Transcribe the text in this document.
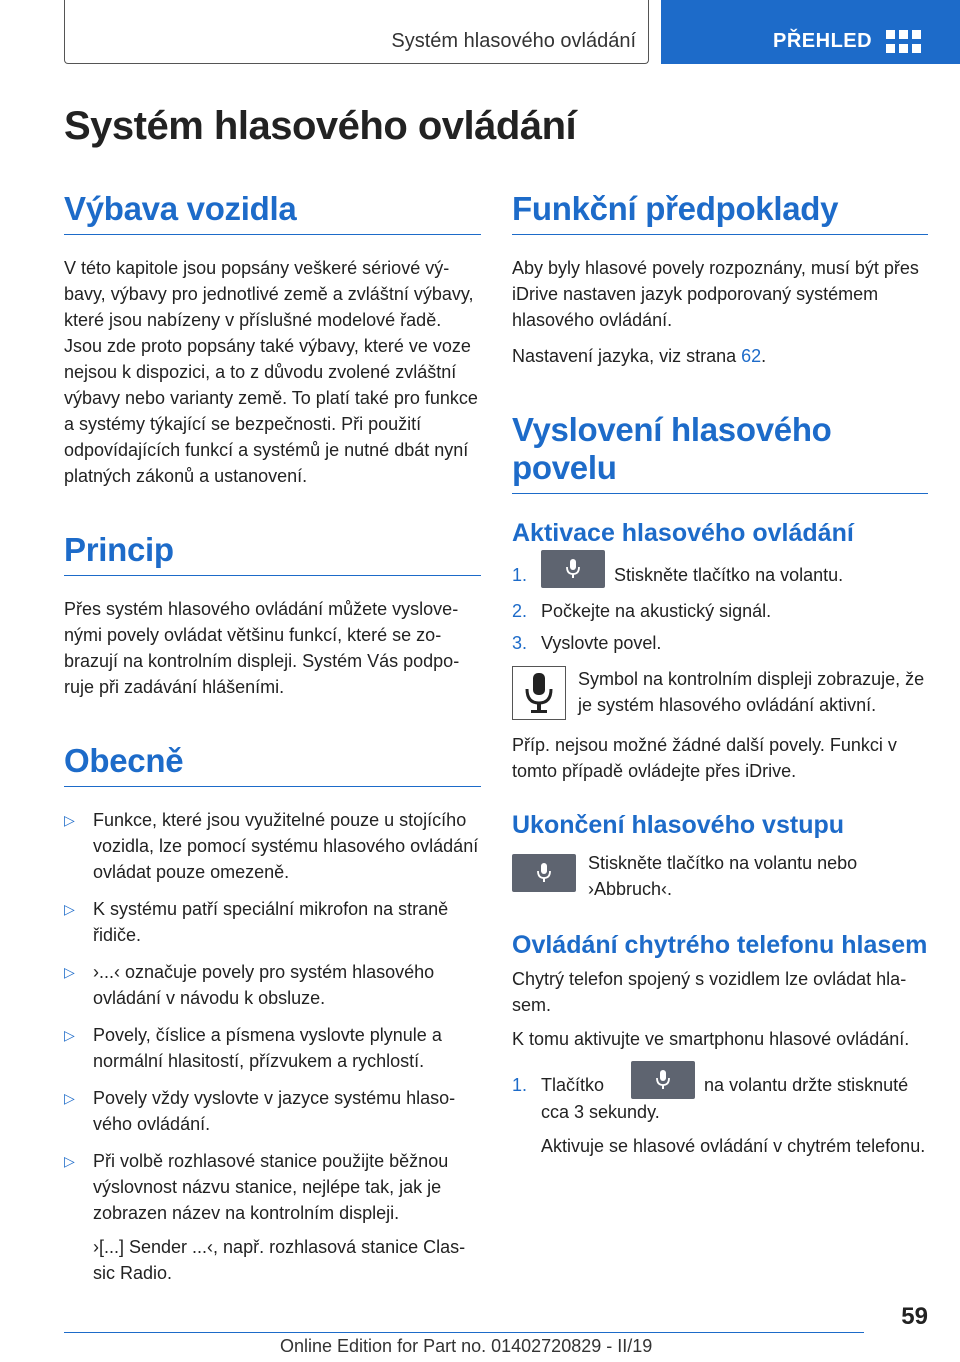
Systém hlasového ovládání	PŘEHLED
Systém hlasového ovládání
Výbava vozidla

V této kapitole jsou popsány veškeré sériové výbavy, výbavy pro jednotlivé země a zvláštní výbavy, které jsou nabízeny v příslušné modelové řadě. Jsou zde proto popsány také výbavy, které ve voze nejsou k dispozici, a to z důvodu zvolené zvláštní výbavy nebo varianty země. To platí také pro funkce a systémy týkající se bezpečnosti. Při použití odpovídajících funkcí a systémů je nutné dbát nyní platných zákonů a ustanovení.

Princip

Přes systém hlasového ovládání můžete vyslovenými povely ovládat většinu funkcí, které se zobrazují na kontrolním displeji. Systém Vás podporuje při zadávání hlášeními.

Obecně
▷ Funkce, které jsou využitelné pouze u stojícího vozidla, lze pomocí systému hlasového ovládání ovládat pouze omezeně.
▷ K systému patří speciální mikrofon na straně řidiče.
▷ ›...‹ označuje povely pro systém hlasového ovládání v návodu k obsluze.
▷ Povely, číslice a písmena vyslovte plynule a normální hlasitostí, přízvukem a rychlostí.
▷ Povely vždy vyslovte v jazyce systému hlasového ovládání.
▷ Při volbě rozhlasové stanice použijte běžnou výslovnost názvu stanice, nejlépe tak, jak je zobrazen název na kontrolním displeji.

›[...] Sender ...‹, např. rozhlasová stanice Classic Radio.

Funkční předpoklady

Aby byly hlasové povely rozpoznány, musí být přes iDrive nastaven jazyk podporovaný systémem hlasového ovládání.

Nastavení jazyka, viz strana 62.

Vyslovení hlasového povelu
Aktivace hlasového ovládání
1.	Stiskněte tlačítko na volantu.
2. Počkejte na akustický signál.
3. Vyslovte povel.

Symbol na kontrolním displeji zobrazuje, že je systém hlasového ovládání aktivní.

Příp. nejsou možné žádné další povely. Funkci v tomto případě ovládejte přes iDrive.

Ukončení hlasového vstupu

Stiskněte tlačítko na volantu nebo ›Abbruch‹.

Ovládání chytrého telefonu hlasem

Chytrý telefon spojený s vozidlem lze ovládat hlasem.

K tomu aktivujte ve smartphonu hlasové ovládání.

1. Tlačítko	na volantu držte stisknuté cca 3 sekundy.

Aktivuje se hlasové ovládání v chytrém telefonu.

59
Online Edition for Part no. 01402720829 - II/19
